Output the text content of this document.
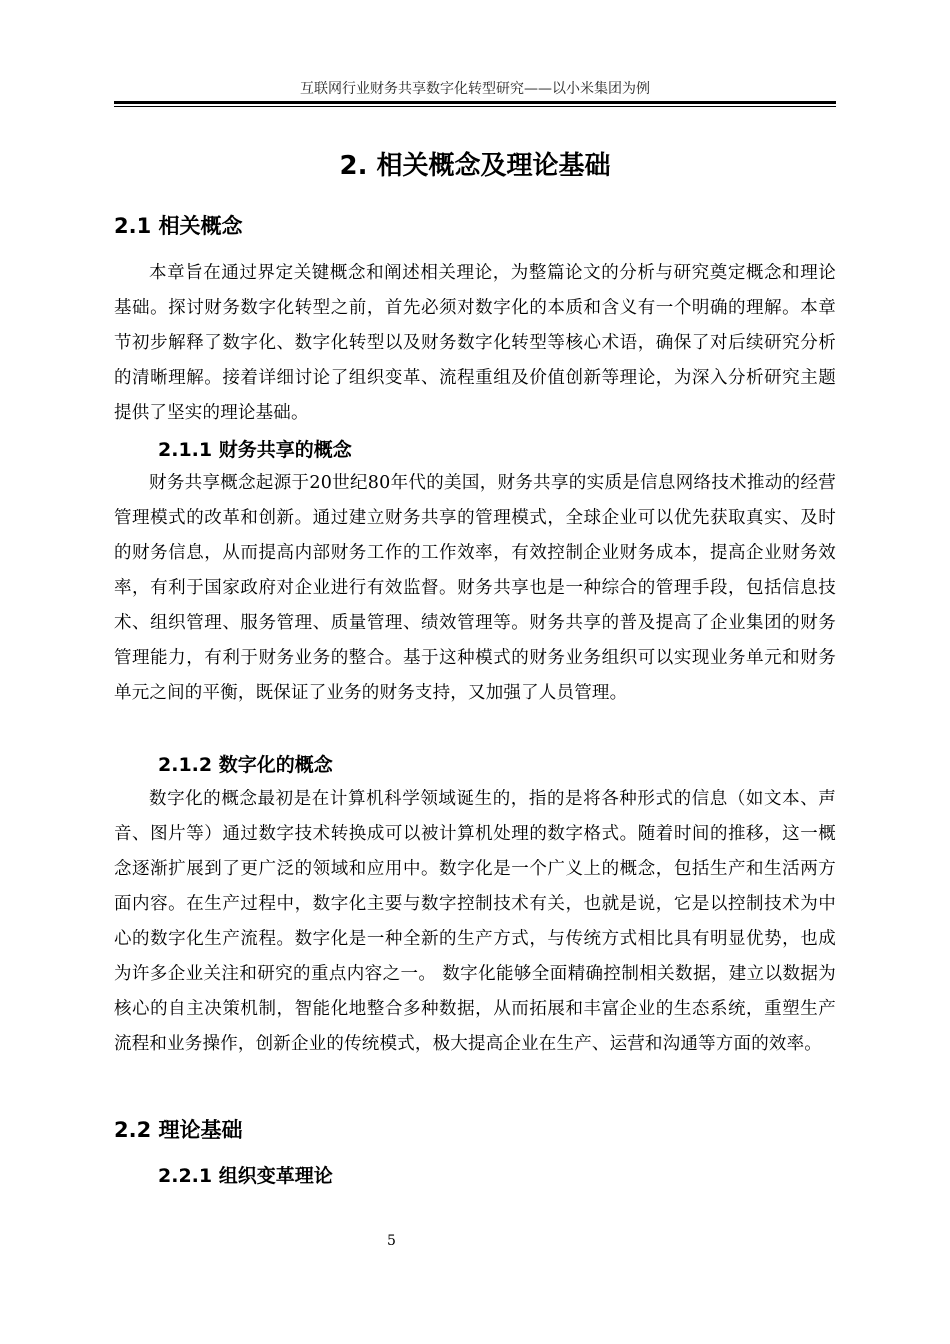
互联网行业财务共享数字化转型研究——以小米集团为例
2. 相关概念及理论基础
2.1 相关概念

本章旨在通过界定关键概念和阐述相关理论，为整篇论文的分析与研究奠定概念和理论基础。探讨财务数字化转型之前，首先必须对数字化的本质和含义有一个明确的理解。本章节初步解释了数字化、数字化转型以及财务数字化转型等核心术语，确保了对后续研究分析的清晰理解。接着详细讨论了组织变革、流程重组及价值创新等理论，为深入分析研究主题提供了坚实的理论基础。

2.1.1 财务共享的概念

财务共享概念起源于20世纪80年代的美国，财务共享的实质是信息网络技术推动的经营管理模式的改革和创新。通过建立财务共享的管理模式，全球企业可以优先获取真实、及时的财务信息，从而提高内部财务工作的工作效率，有效控制企业财务成本，提高企业财务效率，有利于国家政府对企业进行有效监督。财务共享也是一种综合的管理手段，包括信息技术、组织管理、服务管理、质量管理、绩效管理等。财务共享的普及提高了企业集团的财务管理能力，有利于财务业务的整合。基于这种模式的财务业务组织可以实现业务单元和财务单元之间的平衡，既保证了业务的财务支持，又加强了人员管理。

2.1.2 数字化的概念

数字化的概念最初是在计算机科学领域诞生的，指的是将各种形式的信息（如文本、声音、图片等）通过数字技术转换成可以被计算机处理的数字格式。随着时间的推移，这一概念逐渐扩展到了更广泛的领域和应用中。数字化是一个广义上的概念，包括生产和生活两方面内容。在生产过程中，数字化主要与数字控制技术有关，也就是说，它是以控制技术为中心的数字化生产流程。数字化是一种全新的生产方式，与传统方式相比具有明显优势，也成为许多企业关注和研究的重点内容之一。 数字化能够全面精确控制相关数据，建立以数据为核心的自主决策机制，智能化地整合多种数据，从而拓展和丰富企业的生态系统，重塑生产流程和业务操作，创新企业的传统模式，极大提高企业在生产、运营和沟通等方面的效率。

2.2 理论基础
2.2.1 组织变革理论
5
